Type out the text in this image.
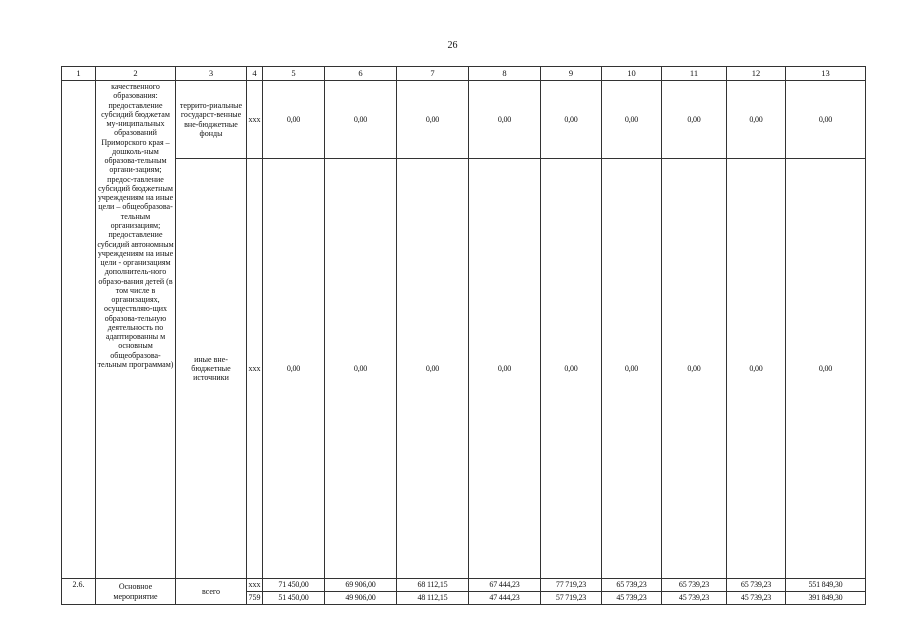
26
1	2	3	4	5	6	7	8	9	10	11	12	13
	качественного образования: предоставление субсидий бюджетам му-ниципальных образований Приморского края – дошколь-ным образова-тельным органи-зациям; предос-тавление субсидий бюджетным учреждениям на иные цели – общеобразова-тельным организациям; предоставление субсидий автономным учреждениям на иные цели - организациям дополнитель-ного образо-вания детей (в том числе в организациях, осуществляю-щих образова-тельную деятельность по адаптированны м основным общеобразова-тельным программам)	террито-риальные государст-венные вне-бюджетные фонды	ххх	0,00	0,00	0,00	0,00	0,00	0,00	0,00	0,00	0,00
		иные вне-бюджетные источники	ххх	0,00	0,00	0,00	0,00	0,00	0,00	0,00	0,00	0,00
2.6.	Основное мероприятие	всего	ххх	71 450,00	69 906,00	68 112,15	67 444,23	77 719,23	65 739,23	65 739,23	65 739,23	551 849,30
			759	51 450,00	49 906,00	48 112,15	47 444,23	57 719,23	45 739,23	45 739,23	45 739,23	391 849,30
